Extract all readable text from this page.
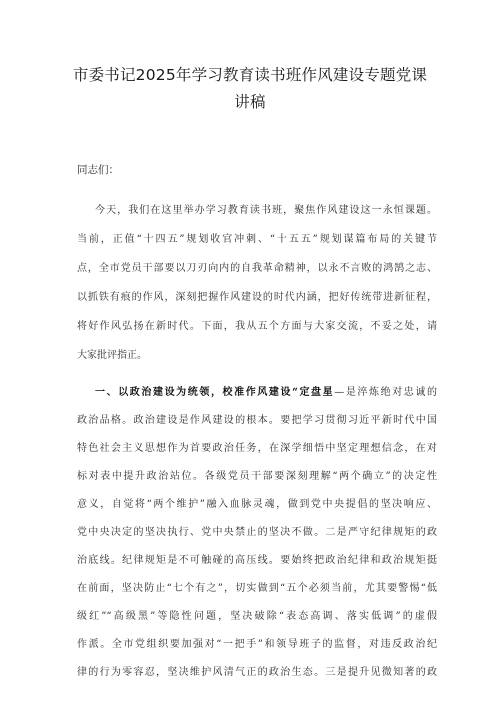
市委书记2025年学习教育读书班作风建设专题党课
讲稿
同志们：
今天，我们在这里举办学习教育读书班，聚焦作风建设这一永恒课题。
当前，正值“十四五”规划收官冲刺、“十五五”规划谋篇布局的关键节
点，全市党员干部要以刀刃向内的自我革命精神，以永不言败的鸿鹄之志、
以抓铁有痕的作风，深刻把握作风建设的时代内涵，把好传统带进新征程，
将好作风弘扬在新时代。下面，我从五个方面与大家交流，不妥之处，请
大家批评指正。
一、以政治建设为统领，校准作风建设“定盘星—是淬炼绝对忠诚的
政治品格。政治建设是作风建设的根本。要把学习贯彻习近平新时代中国
特色社会主义思想作为首要政治任务，在深学细悟中坚定理想信念，在对
标对表中提升政治站位。各级党员干部要深刻理解“两个确立”的决定性
意义，自觉将“两个维护”融入血脉灵魂，做到党中央提倡的坚决响应、
党中央决定的坚决执行、党中央禁止的坚决不做。二是严守纪律规矩的政
治底线。纪律规矩是不可触碰的高压线。要始终把政治纪律和政治规矩挺
在前面，坚决防止“七个有之”，切实做到“五个必须当前，尤其要警惕“低
级红”“高级黑”等隐性问题，坚决破除“表态高调、落实低调”的虚假
作派。全市党组织要加强对“一把手”和领导班子的监督，对违反政治纪
律的行为零容忍，坚决维护风清气正的政治生态。三是提升见微知著的政
